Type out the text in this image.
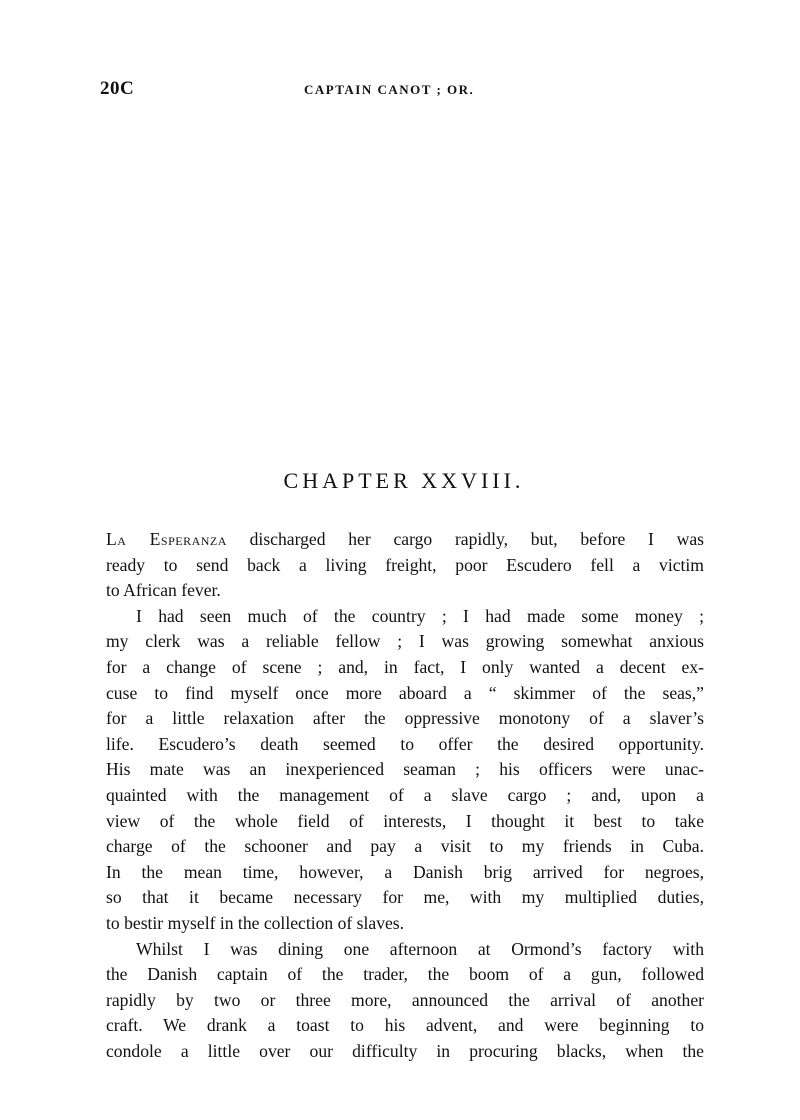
20C	CAPTAIN CANOT ; OR.
CHAPTER XXVIII.
La Esperanza discharged her cargo rapidly, but, before I was
ready to send back a living freight, poor Escudero fell a victim
to African fever.
I had seen much of the country ; I had made some money ;
my clerk was a reliable fellow ; I was growing somewhat anxious
for a change of scene ; and, in fact, I only wanted a decent ex-
cuse to find myself once more aboard a “ skimmer of the seas,”
for a little relaxation after the oppressive monotony of a slaver’s
life. Escudero’s death seemed to offer the desired opportunity.
His mate was an inexperienced seaman ; his officers were unac-
quainted with the management of a slave cargo ; and, upon a
view of the whole field of interests, I thought it best to take
charge of the schooner and pay a visit to my friends in Cuba.
In the mean time, however, a Danish brig arrived for negroes,
so that it became necessary for me, with my multiplied duties,
to bestir myself in the collection of slaves.
Whilst I was dining one afternoon at Ormond’s factory with
the Danish captain of the trader, the boom of a gun, followed
rapidly by two or three more, announced the arrival of another
craft. We drank a toast to his advent, and were beginning to
condole a little over our difficulty in procuring blacks, when the
